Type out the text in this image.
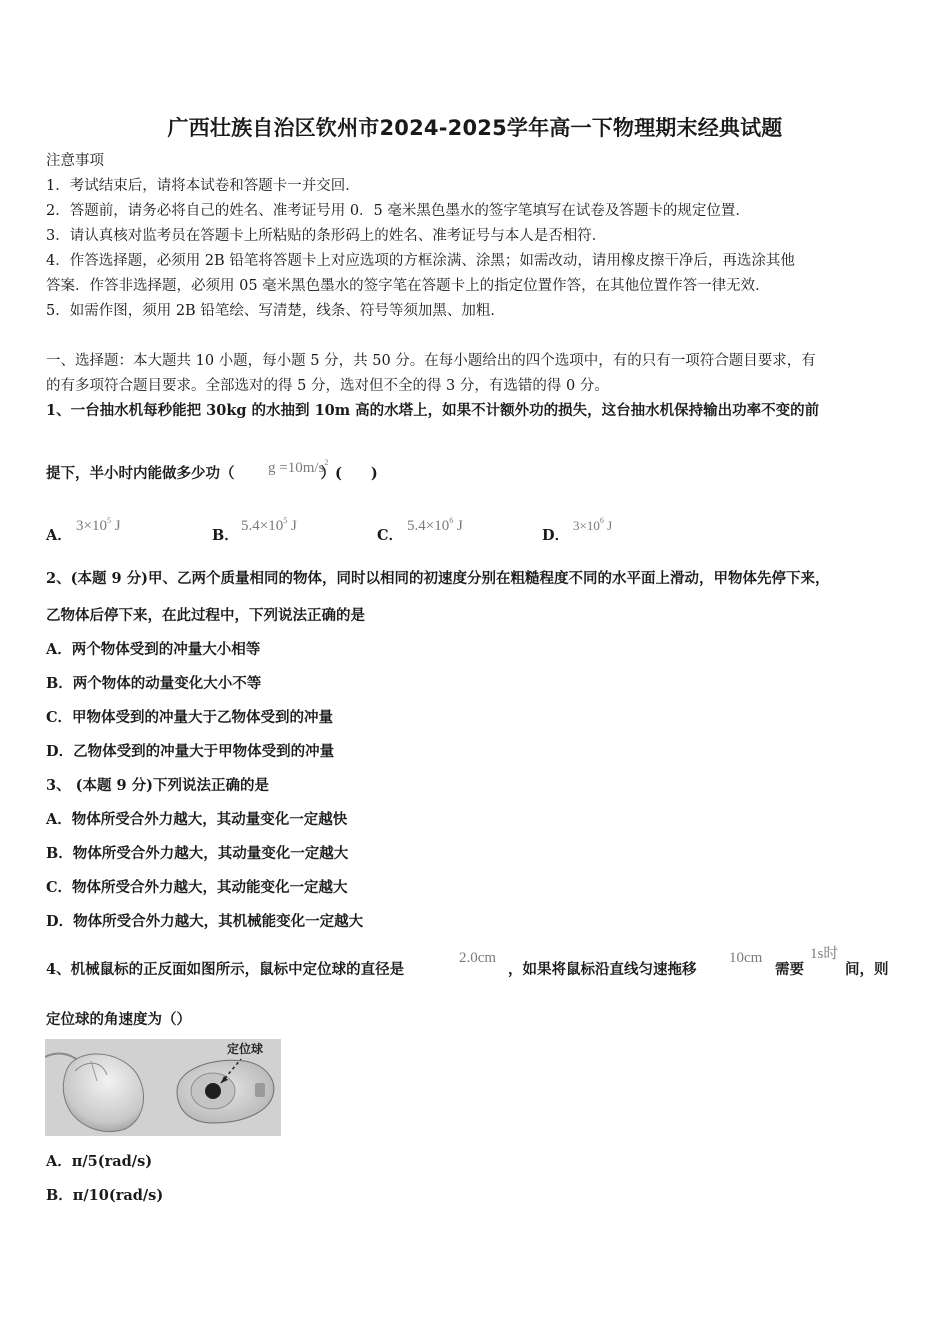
广西壮族自治区钦州市2024-2025学年高一下物理期末经典试题
注意事项
1．考试结束后，请将本试卷和答题卡一并交回．
2．答题前，请务必将自己的姓名、准考证号用 0．5 毫米黑色墨水的签字笔填写在试卷及答题卡的规定位置．
3．请认真核对监考员在答题卡上所粘贴的条形码上的姓名、准考证号与本人是否相符．
4．作答选择题，必须用 2B 铅笔将答题卡上对应选项的方框涂满、涂黑；如需改动，请用橡皮擦干净后，再选涂其他
答案．作答非选择题，必须用 05 毫米黑色墨水的签字笔在答题卡上的指定位置作答，在其他位置作答一律无效．
5．如需作图，须用 2B 铅笔绘、写清楚，线条、符号等须加黑、加粗．
一、选择题：本大题共 10 小题，每小题 5 分，共 50 分。在每小题给出的四个选项中，有的只有一项符合题目要求，有
的有多项符合题目要求。全部选对的得 5 分，选对但不全的得 3 分，有选错的得 0 分。
1、一台抽水机每秒能把 30kg 的水抽到 10m 高的水塔上，如果不计额外功的损失，这台抽水机保持输出功率不变的前
提下，半小时内能做多少功（	）(　　)
$g =10m/s^2$
A．
$3\times 10^5$ J
B．
$5.4\times 10^5$ J
C．
$5.4\times 10^6$ J
D．
$3\times 10^6$ J
2、(本题 9 分)甲、乙两个质量相同的物体，同时以相同的初速度分别在粗糙程度不同的水平面上滑动，甲物体先停下来，
乙物体后停下来，在此过程中，下列说法正确的是
A．两个物体受到的冲量大小相等
B．两个物体的动量变化大小不等
C．甲物体受到的冲量大于乙物体受到的冲量
D．乙物体受到的冲量大于甲物体受到的冲量
3、 (本题 9 分)下列说法正确的是
A．物体所受合外力越大，其动量变化一定越快
B．物体所受合外力越大，其动量变化一定越大
C．物体所受合外力越大，其动能变化一定越大
D．物体所受合外力越大，其机械能变化一定越大
4、机械鼠标的正反面如图所示，鼠标中定位球的直径是
2.0cm
，如果将鼠标沿直线匀速拖移
10cm
需要
1s时
间，则
定位球的角速度为（）
定位球
A．π/5(rad/s)
B．π/10(rad/s)
